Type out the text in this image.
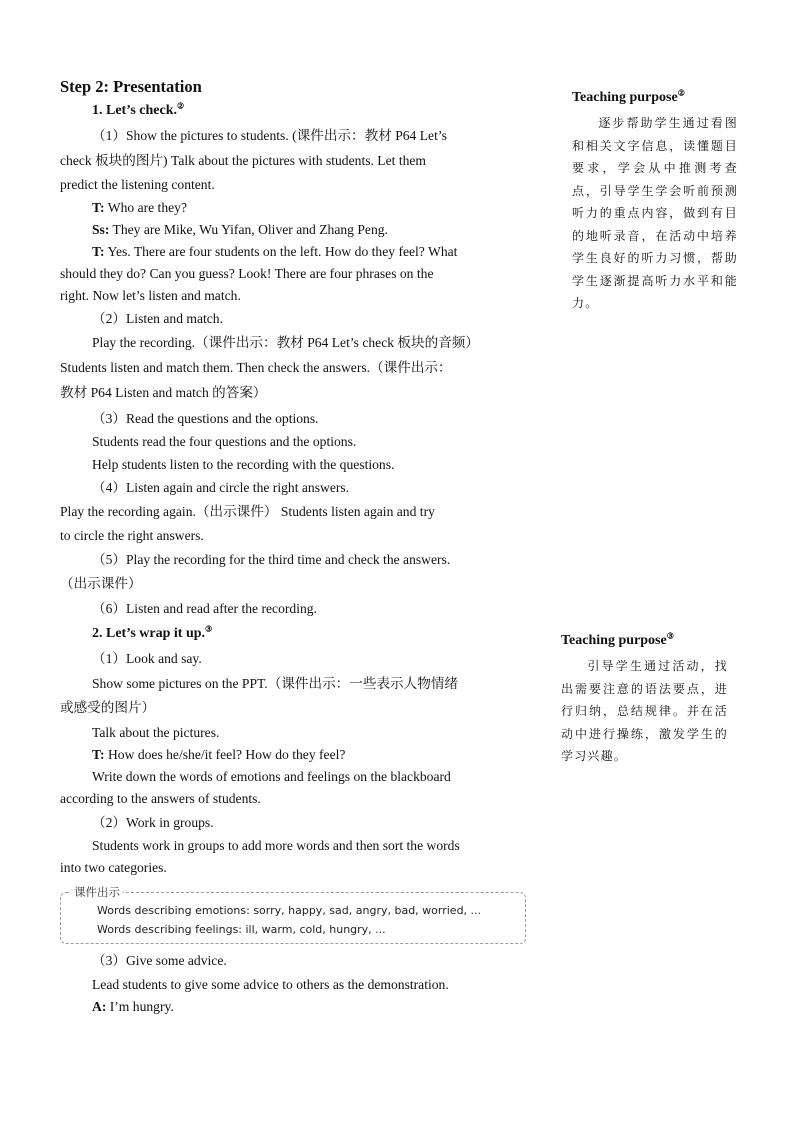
Step 2: Presentation
1. Let’s check.②
（1）Show the pictures to students. (课件出示：教材 P64 Let’s
check 板块的图片) Talk about the pictures with students. Let them
predict the listening content.
T: Who are they?
Ss: They are Mike, Wu Yifan, Oliver and Zhang Peng.
T: Yes. There are four students on the left. How do they feel? What
should they do? Can you guess? Look! There are four phrases on the
right. Now let’s listen and match.
（2）Listen and match.
Play the recording.（课件出示：教材 P64 Let’s check 板块的音频）
Students listen and match them. Then check the answers.（课件出示：
教材 P64 Listen and match 的答案）
（3）Read the questions and the options.
Students read the four questions and the options.
Help students listen to the recording with the questions.
（4）Listen again and circle the right answers.
Play the recording again.（出示课件） Students listen again and try
to circle the right answers.
（5）Play the recording for the third time and check the answers.
（出示课件）
（6）Listen and read after the recording.
2. Let’s wrap it up.③
（1）Look and say.
Show some pictures on the PPT.（课件出示：一些表示人物情绪
或感受的图片）
Talk about the pictures.
T: How does he/she/it feel? How do they feel?
Write down the words of emotions and feelings on the blackboard
according to the answers of students.
（2）Work in groups.
Students work in groups to add more words and then sort the words
into two categories.
课件出示
Words describing emotions: sorry, happy, sad, angry, bad, worried, ...
Words describing feelings: ill, warm, cold, hungry, ...
（3）Give some advice.
Lead students to give some advice to others as the demonstration.
A: I’m hungry.
Teaching purpose②
逐步帮助学生通过看图和相关文字信息，读懂题目要求，学会从中推测考查点，引导学生学会听前预测听力的重点内容，做到有目的地听录音，在活动中培养学生良好的听力习惯，帮助学生逐渐提高听力水平和能力。
Teaching purpose③
引导学生通过活动，找出需要注意的语法要点，进行归纳，总结规律。并在活动中进行操练，激发学生的学习兴趣。
